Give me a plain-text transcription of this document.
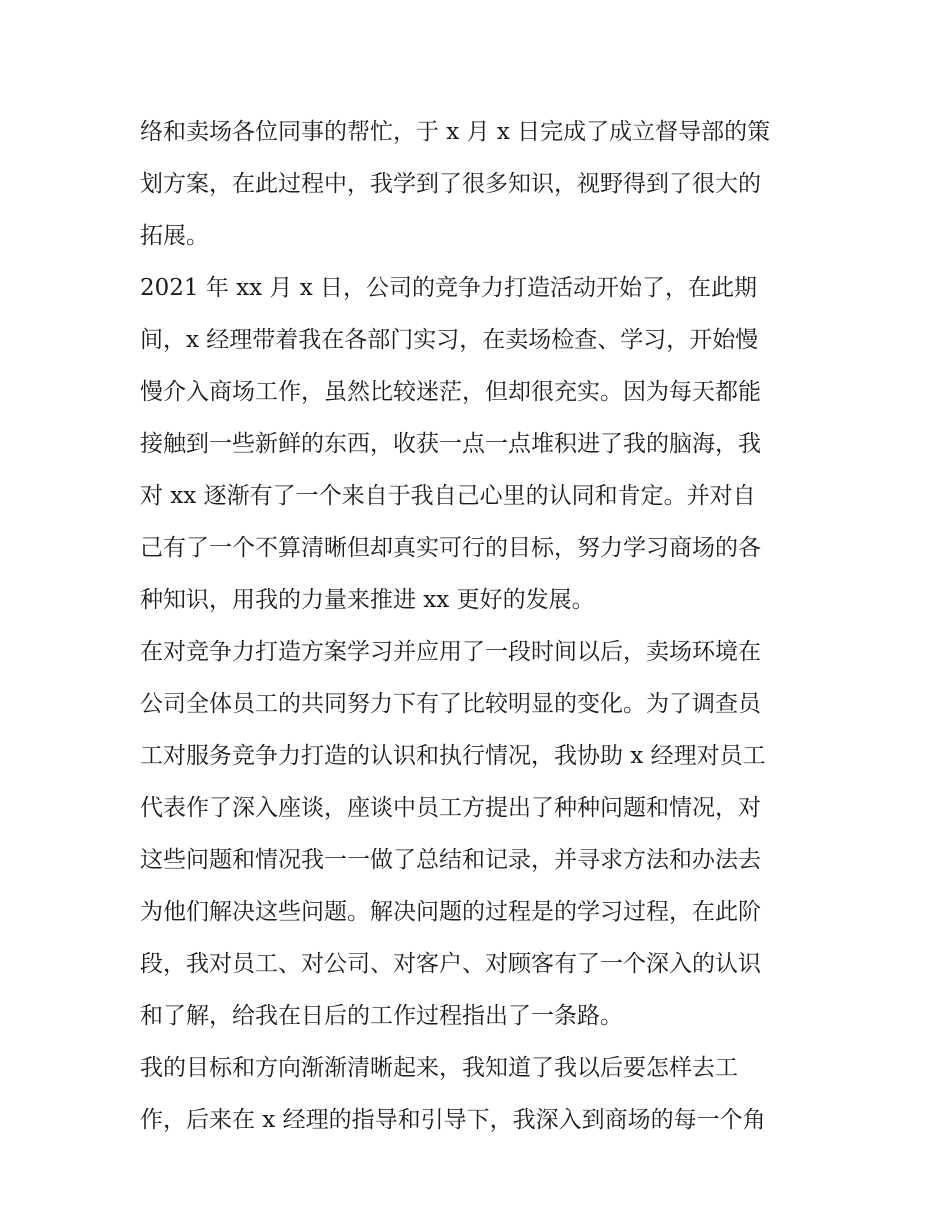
络和卖场各位同事的帮忙，于 x 月 x 日完成了成立督导部的策
划方案，在此过程中，我学到了很多知识，视野得到了很大的
拓展。
2021 年 xx 月 x 日，公司的竞争力打造活动开始了，在此期
间，x 经理带着我在各部门实习，在卖场检查、学习，开始慢
慢介入商场工作，虽然比较迷茫，但却很充实。因为每天都能
接触到一些新鲜的东西，收获一点一点堆积进了我的脑海，我
对 xx 逐渐有了一个来自于我自己心里的认同和肯定。并对自
己有了一个不算清晰但却真实可行的目标，努力学习商场的各
种知识，用我的力量来推进 xx 更好的发展。
在对竞争力打造方案学习并应用了一段时间以后，卖场环境在
公司全体员工的共同努力下有了比较明显的变化。为了调查员
工对服务竞争力打造的认识和执行情况，我协助 x 经理对员工
代表作了深入座谈，座谈中员工方提出了种种问题和情况，对
这些问题和情况我一一做了总结和记录，并寻求方法和办法去
为他们解决这些问题。解决问题的过程是的学习过程，在此阶
段，我对员工、对公司、对客户、对顾客有了一个深入的认识
和了解，给我在日后的工作过程指出了一条路。
我的目标和方向渐渐清晰起来，我知道了我以后要怎样去工
作，后来在 x 经理的指导和引导下，我深入到商场的每一个角
